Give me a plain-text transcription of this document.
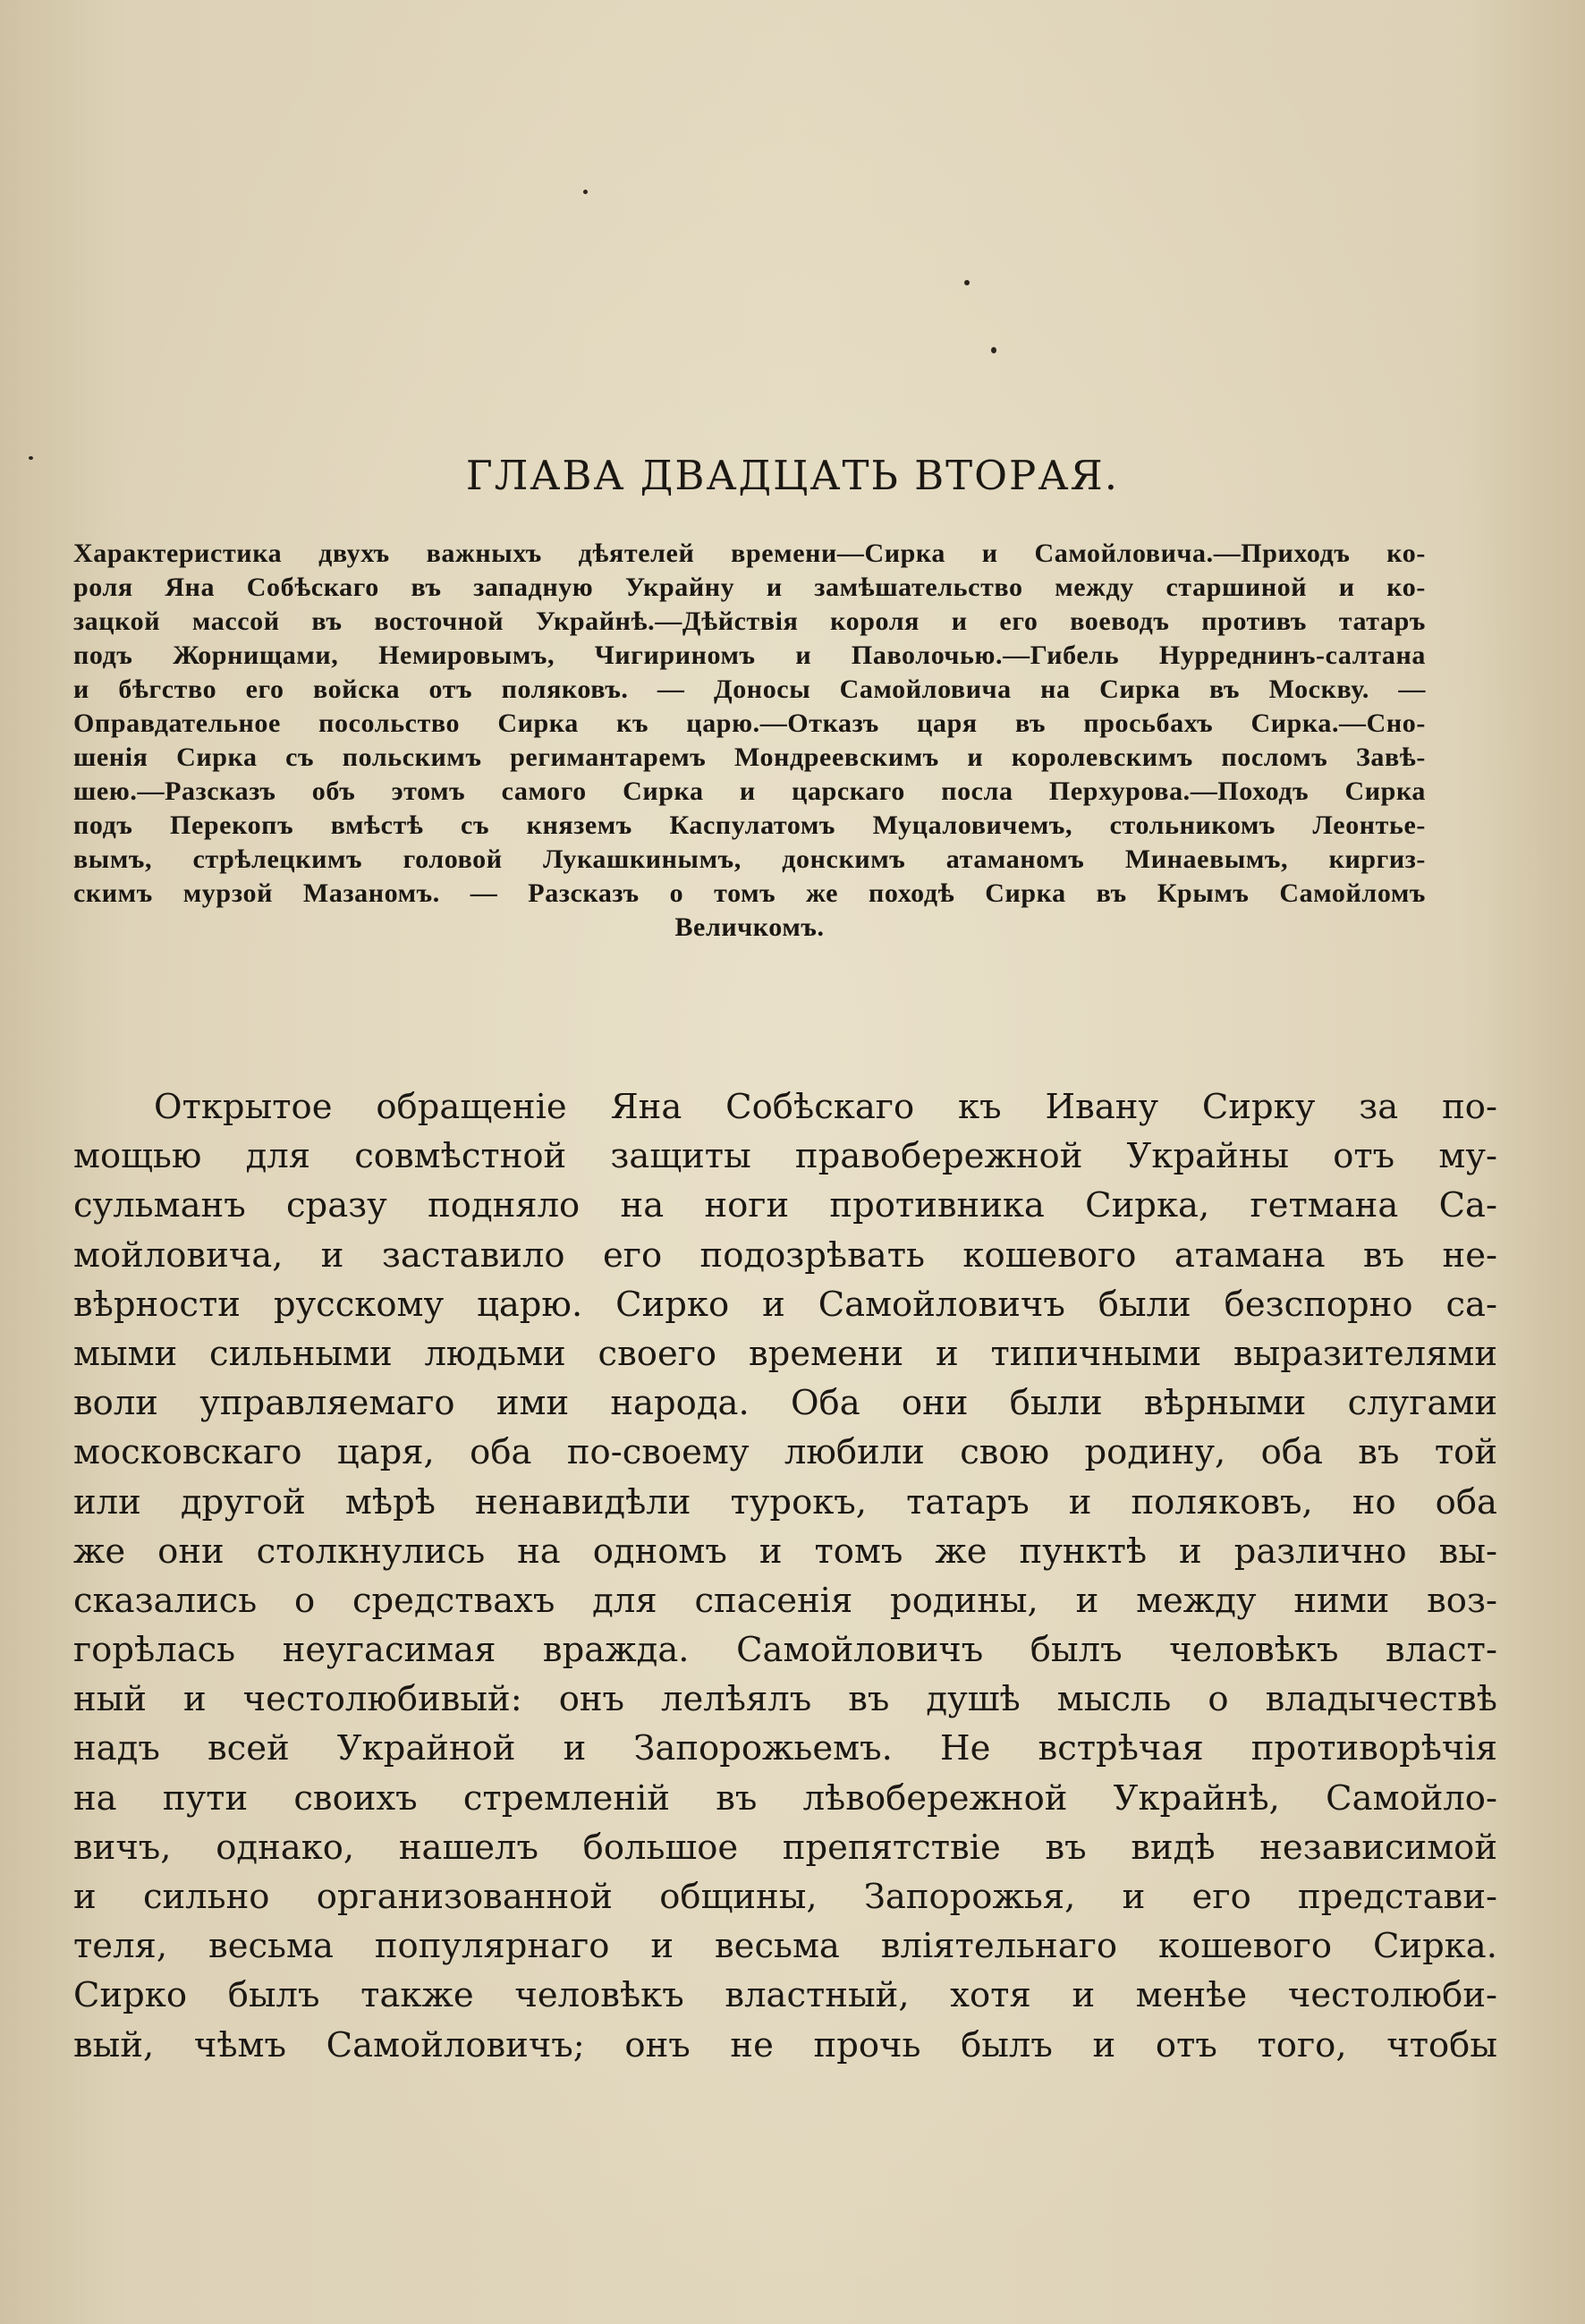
ГЛАВА ДВАДЦАТЬ ВТОРАЯ.
Характеристика двухъ важныхъ дѣятелей времени—Сирка и Самойловича.—Приходъ ко-
роля Яна Собѣскаго въ западную Украйну и замѣшательство между старшиной и ко-
зацкой массой въ восточной Украйнѣ.—Дѣйствія короля и его воеводъ противъ татаръ
подъ Жорнищами, Немировымъ, Чигириномъ и Паволочью.—Гибель Нурреднинъ-салтана
и бѣгство его войска отъ поляковъ. — Доносы Самойловича на Сирка въ Москву. —
Оправдательное посольство Сирка къ царю.—Отказъ царя въ просьбахъ Сирка.—Сно-
шенія Сирка съ польскимъ регимантаремъ Мондреевскимъ и королевскимъ посломъ Завѣ-
шею.—Разсказъ объ этомъ самого Сирка и царскаго посла Перхурова.—Походъ Сирка
подъ Перекопъ вмѣстѣ съ княземъ Каспулатомъ Муцаловичемъ, стольникомъ Леонтье-
вымъ, стрѣлецкимъ головой Лукашкинымъ, донскимъ атаманомъ Минаевымъ, киргиз-
скимъ мурзой Мазаномъ. — Разсказъ о томъ же походѣ Сирка въ Крымъ Самойломъ
Величкомъ.
Открытое обращеніе Яна Собѣскаго къ Ивану Сирку за по-
мощью для совмѣстной защиты правобережной Украйны отъ му-
сульманъ сразу подняло на ноги противника Сирка, гетмана Са-
мойловича, и заставило его подозрѣвать кошевого атамана въ не-
вѣрности русскому царю. Сирко и Самойловичъ были безспорно са-
мыми сильными людьми своего времени и типичными выразителями
воли управляемаго ими народа. Оба они были вѣрными слугами
московскаго царя, оба по-своему любили свою родину, оба въ той
или другой мѣрѣ ненавидѣли турокъ, татаръ и поляковъ, но оба
же они столкнулись на одномъ и томъ же пунктѣ и различно вы-
сказались о средствахъ для спасенія родины, и между ними воз-
горѣлась неугасимая вражда. Самойловичъ былъ человѣкъ власт-
ный и честолюбивый: онъ лелѣялъ въ душѣ мысль о владычествѣ
надъ всей Украйной и Запорожьемъ. Не встрѣчая противорѣчія
на пути своихъ стремленій въ лѣвобережной Украйнѣ, Самойло-
вичъ, однако, нашелъ большое препятствіе въ видѣ независимой
и сильно организованной общины, Запорожья, и его представи-
теля, весьма популярнаго и весьма вліятельнаго кошевого Сирка.
Сирко былъ также человѣкъ властный, хотя и менѣе честолюби-
вый, чѣмъ Самойловичъ; онъ не прочь былъ и отъ того, чтобы
